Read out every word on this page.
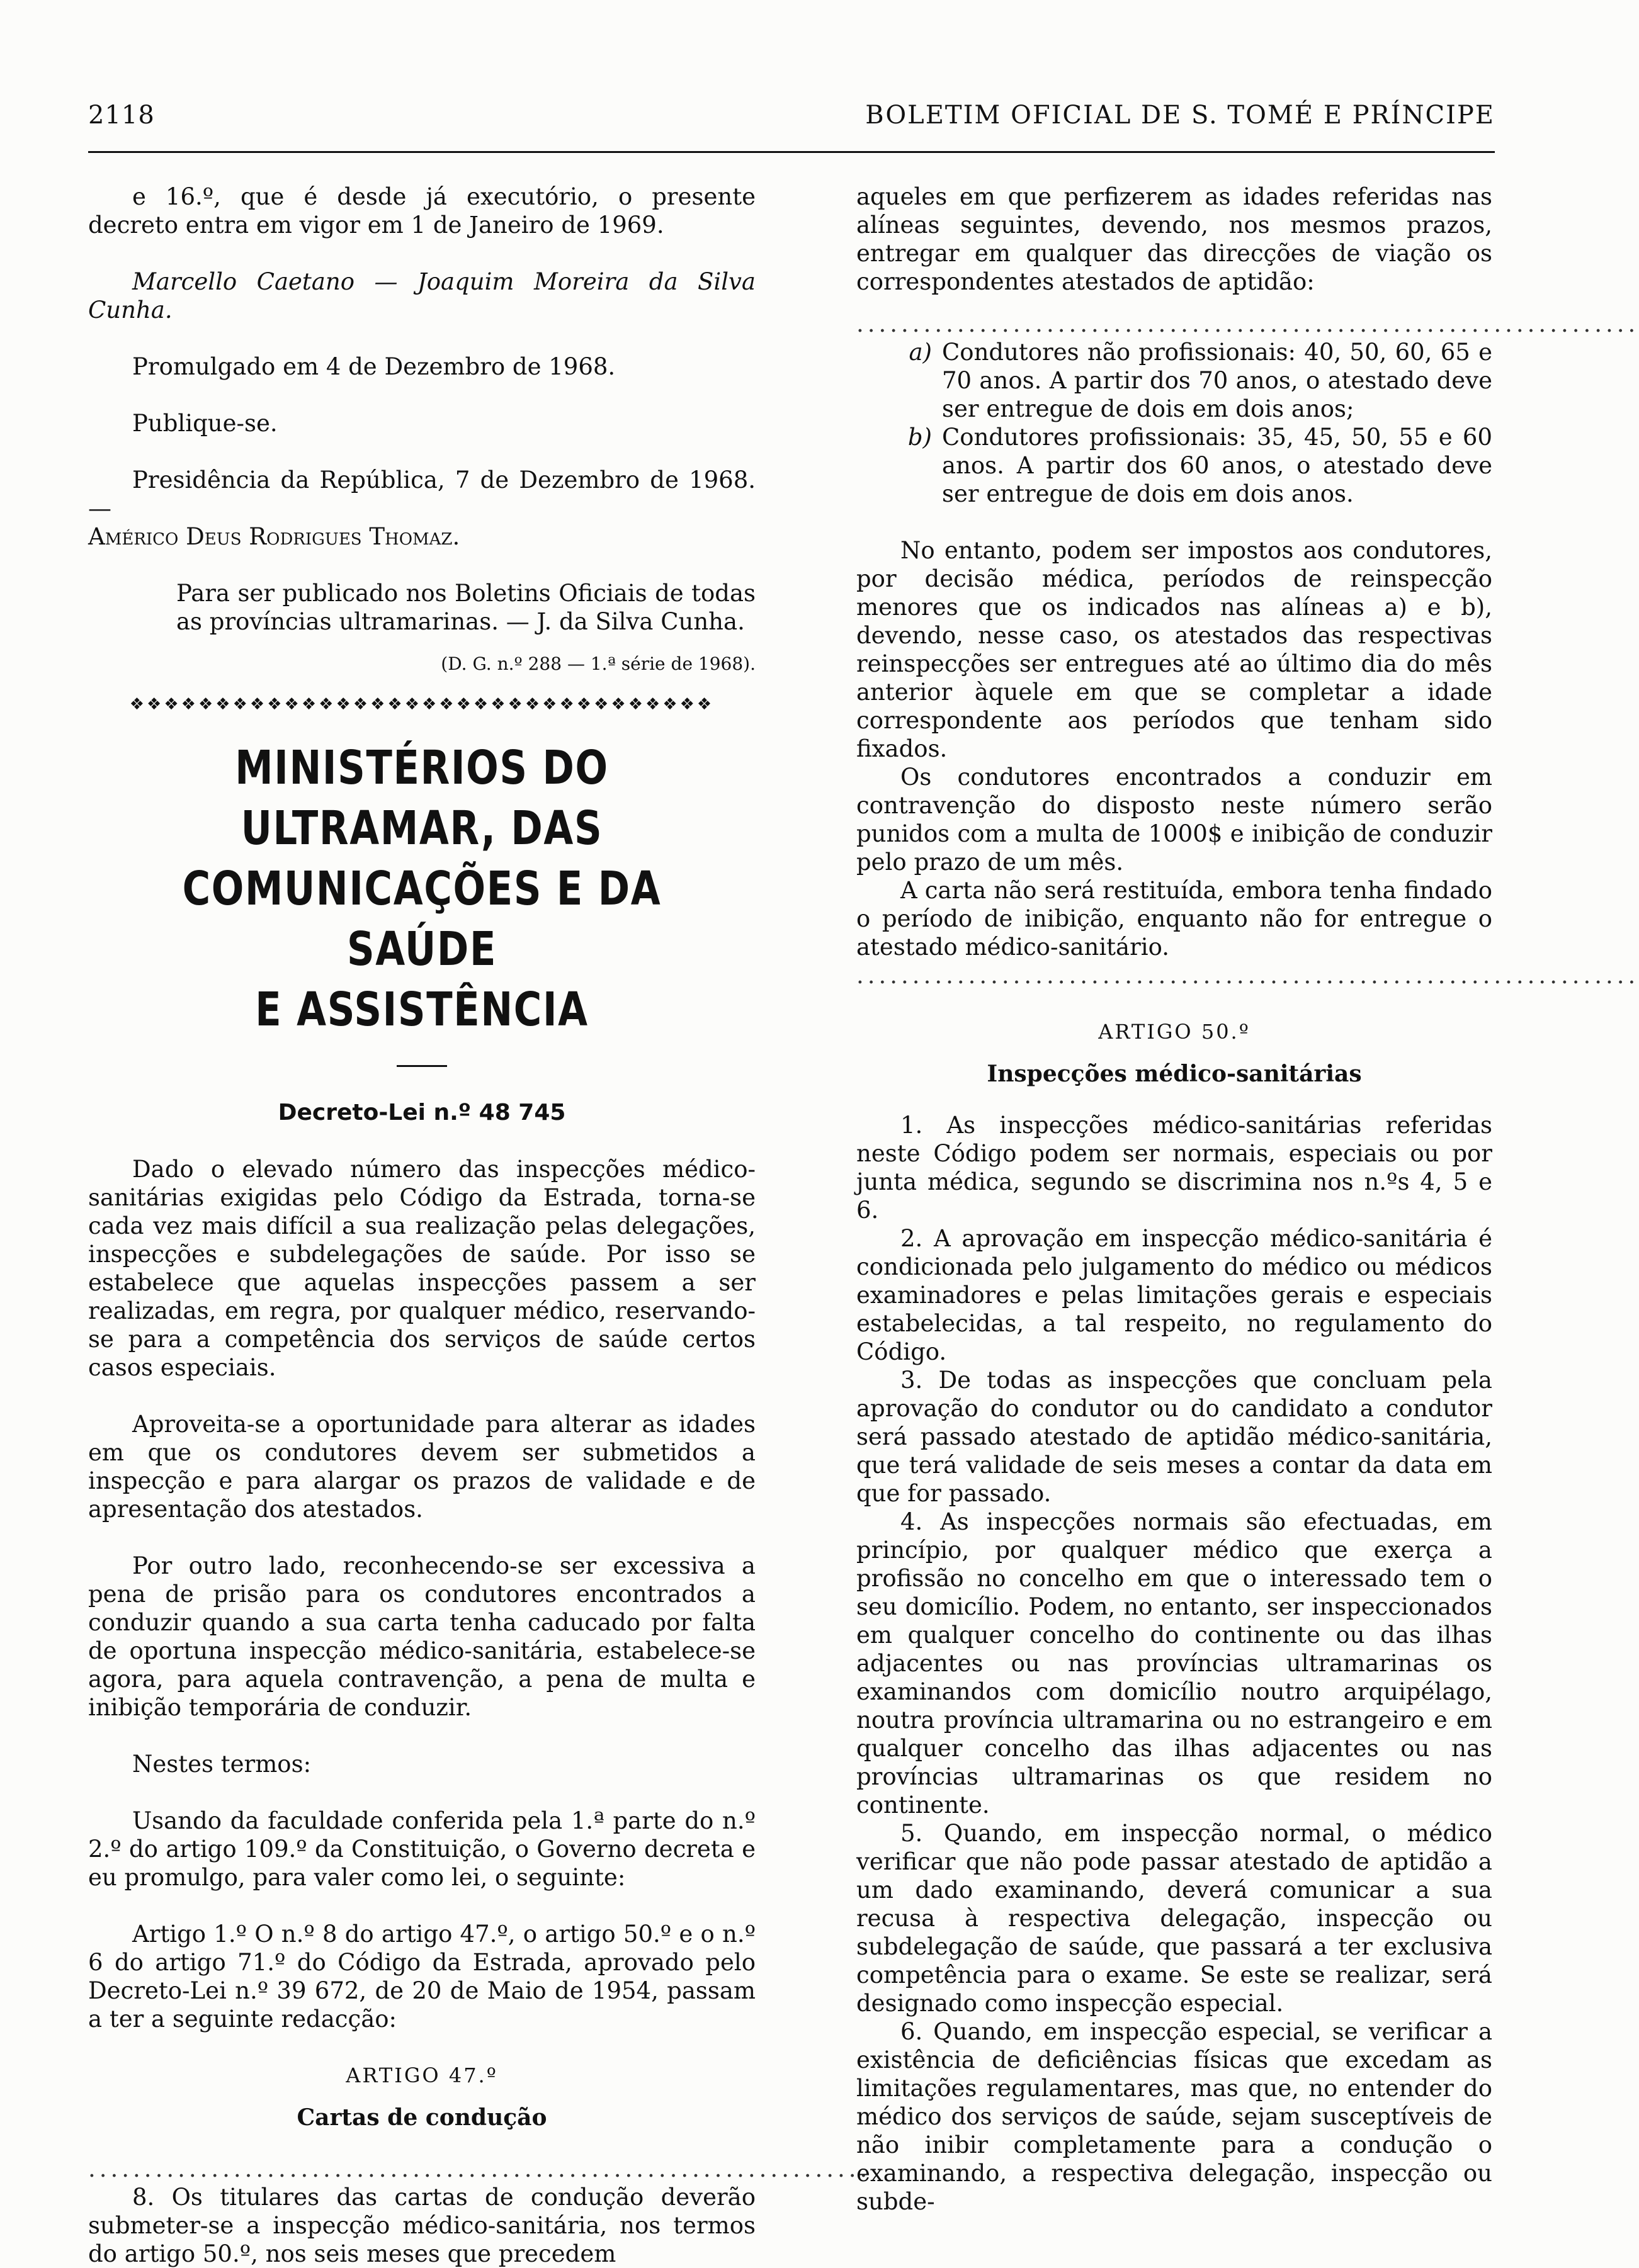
2118	BOLETIM OFICIAL DE S. TOMÉ E PRÍNCIPE

e 16.º, que é desde já executório, o presente decreto entra em vigor em 1 de Janeiro de 1969.

Marcello Caetano — Joaquim Moreira da Silva Cunha.

Promulgado em 4 de Dezembro de 1968.

Publique-se.

Presidência da República, 7 de Dezembro de 1968. —

Américo Deus Rodrigues Thomaz.

Para ser publicado nos Boletins Oficiais de todas as províncias ultramarinas. — J. da Silva Cunha.

(D. G. n.º 288 — 1.ª série de 1968).

❖❖❖❖❖❖❖❖❖❖❖❖❖❖❖❖❖❖❖❖❖❖❖❖❖❖❖❖❖❖❖❖❖❖
MINISTÉRIOS DO ULTRAMAR, DAS
COMUNICAÇÕES E DA SAÚDE
E ASSISTÊNCIA
Decreto-Lei n.º 48 745

Dado o elevado número das inspecções médico-sanitárias exigidas pelo Código da Estrada, torna-se cada vez mais difícil a sua realização pelas delegações, inspecções e subdelegações de saúde. Por isso se estabelece que aquelas inspecções passem a ser realizadas, em regra, por qualquer médico, reservando-se para a competência dos serviços de saúde certos casos especiais.

Aproveita-se a oportunidade para alterar as idades em que os condutores devem ser submetidos a inspecção e para alargar os prazos de validade e de apresentação dos atestados.

Por outro lado, reconhecendo-se ser excessiva a pena de prisão para os condutores encontrados a conduzir quando a sua carta tenha caducado por falta de oportuna inspecção médico-sanitária, estabelece-se agora, para aquela contravenção, a pena de multa e inibição temporária de conduzir.

Nestes termos:

Usando da faculdade conferida pela 1.ª parte do n.º 2.º do artigo 109.º da Constituição, o Governo decreta e eu promulgo, para valer como lei, o seguinte:

Artigo 1.º O n.º 8 do artigo 47.º, o artigo 50.º e o n.º 6 do artigo 71.º do Código da Estrada, aprovado pelo Decreto-Lei n.º 39 672, de 20 de Maio de 1954, passam a ter a seguinte redacção:

ARTIGO 47.º
Cartas de condução

......................................................................

8. Os titulares das cartas de condução deverão submeter-se a inspecção médico-sanitária, nos termos do artigo 50.º, nos seis meses que precedem

aqueles em que perfizerem as idades referidas nas alíneas seguintes, devendo, nos mesmos prazos, entregar em qualquer das direcções de viação os correspondentes atestados de aptidão:

......................................................................

a) Condutores não profissionais: 40, 50, 60, 65 e 70 anos. A partir dos 70 anos, o atestado deve ser entregue de dois em dois anos;
b) Condutores profissionais: 35, 45, 50, 55 e 60 anos. A partir dos 60 anos, o atestado deve ser entregue de dois em dois anos.

No entanto, podem ser impostos aos condutores, por decisão médica, períodos de reinspecção menores que os indicados nas alíneas a) e b), devendo, nesse caso, os atestados das respectivas reinspecções ser entregues até ao último dia do mês anterior àquele em que se completar a idade correspondente aos períodos que tenham sido fixados.

Os condutores encontrados a conduzir em contravenção do disposto neste número serão punidos com a multa de 1000$ e inibição de conduzir pelo prazo de um mês.

A carta não será restituída, embora tenha findado o período de inibição, enquanto não for entregue o atestado médico-sanitário.

......................................................................

ARTIGO 50.º
Inspecções médico-sanitárias

1. As inspecções médico-sanitárias referidas neste Código podem ser normais, especiais ou por junta médica, segundo se discrimina nos n.ºs 4, 5 e 6.

2. A aprovação em inspecção médico-sanitária é condicionada pelo julgamento do médico ou médicos examinadores e pelas limitações gerais e especiais estabelecidas, a tal respeito, no regulamento do Código.

3. De todas as inspecções que concluam pela aprovação do condutor ou do candidato a condutor será passado atestado de aptidão médico-sanitária, que terá validade de seis meses a contar da data em que for passado.

4. As inspecções normais são efectuadas, em princípio, por qualquer médico que exerça a profissão no concelho em que o interessado tem o seu domicílio. Podem, no entanto, ser inspeccionados em qualquer concelho do continente ou das ilhas adjacentes ou nas províncias ultramarinas os examinandos com domicílio noutro arquipélago, noutra província ultramarina ou no estrangeiro e em qualquer concelho das ilhas adjacentes ou nas províncias ultramarinas os que residem no continente.

5. Quando, em inspecção normal, o médico verificar que não pode passar atestado de aptidão a um dado examinando, deverá comunicar a sua recusa à respectiva delegação, inspecção ou subdelegação de saúde, que passará a ter exclusiva competência para o exame. Se este se realizar, será designado como inspecção especial.

6. Quando, em inspecção especial, se verificar a existência de deficiências físicas que excedam as limitações regulamentares, mas que, no entender do médico dos serviços de saúde, sejam susceptíveis de não inibir completamente para a condução o examinando, a respectiva delegação, inspecção ou subde-
